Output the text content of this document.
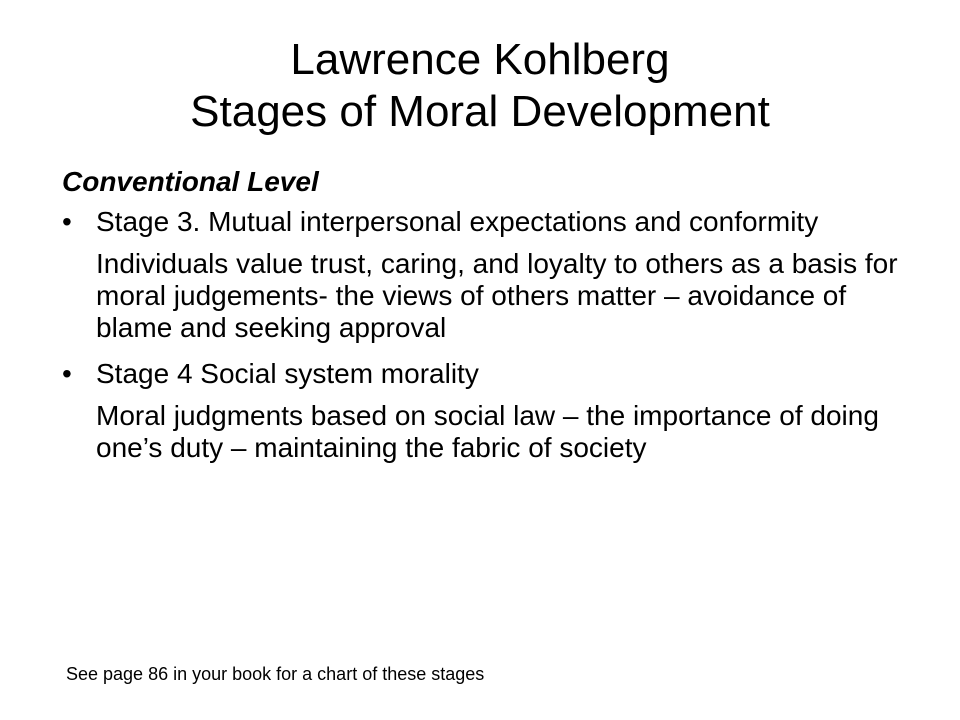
Lawrence Kohlberg
Stages of Moral Development
Conventional Level
• Stage 3. Mutual interpersonal expectations and conformity
Individuals value trust, caring, and loyalty to others as a basis for moral judgements- the views of others matter – avoidance of blame and seeking approval
• Stage 4 Social system morality
Moral judgments based on social law – the importance of doing one’s duty – maintaining the fabric of society
See page 86 in your book for a chart of these stages
